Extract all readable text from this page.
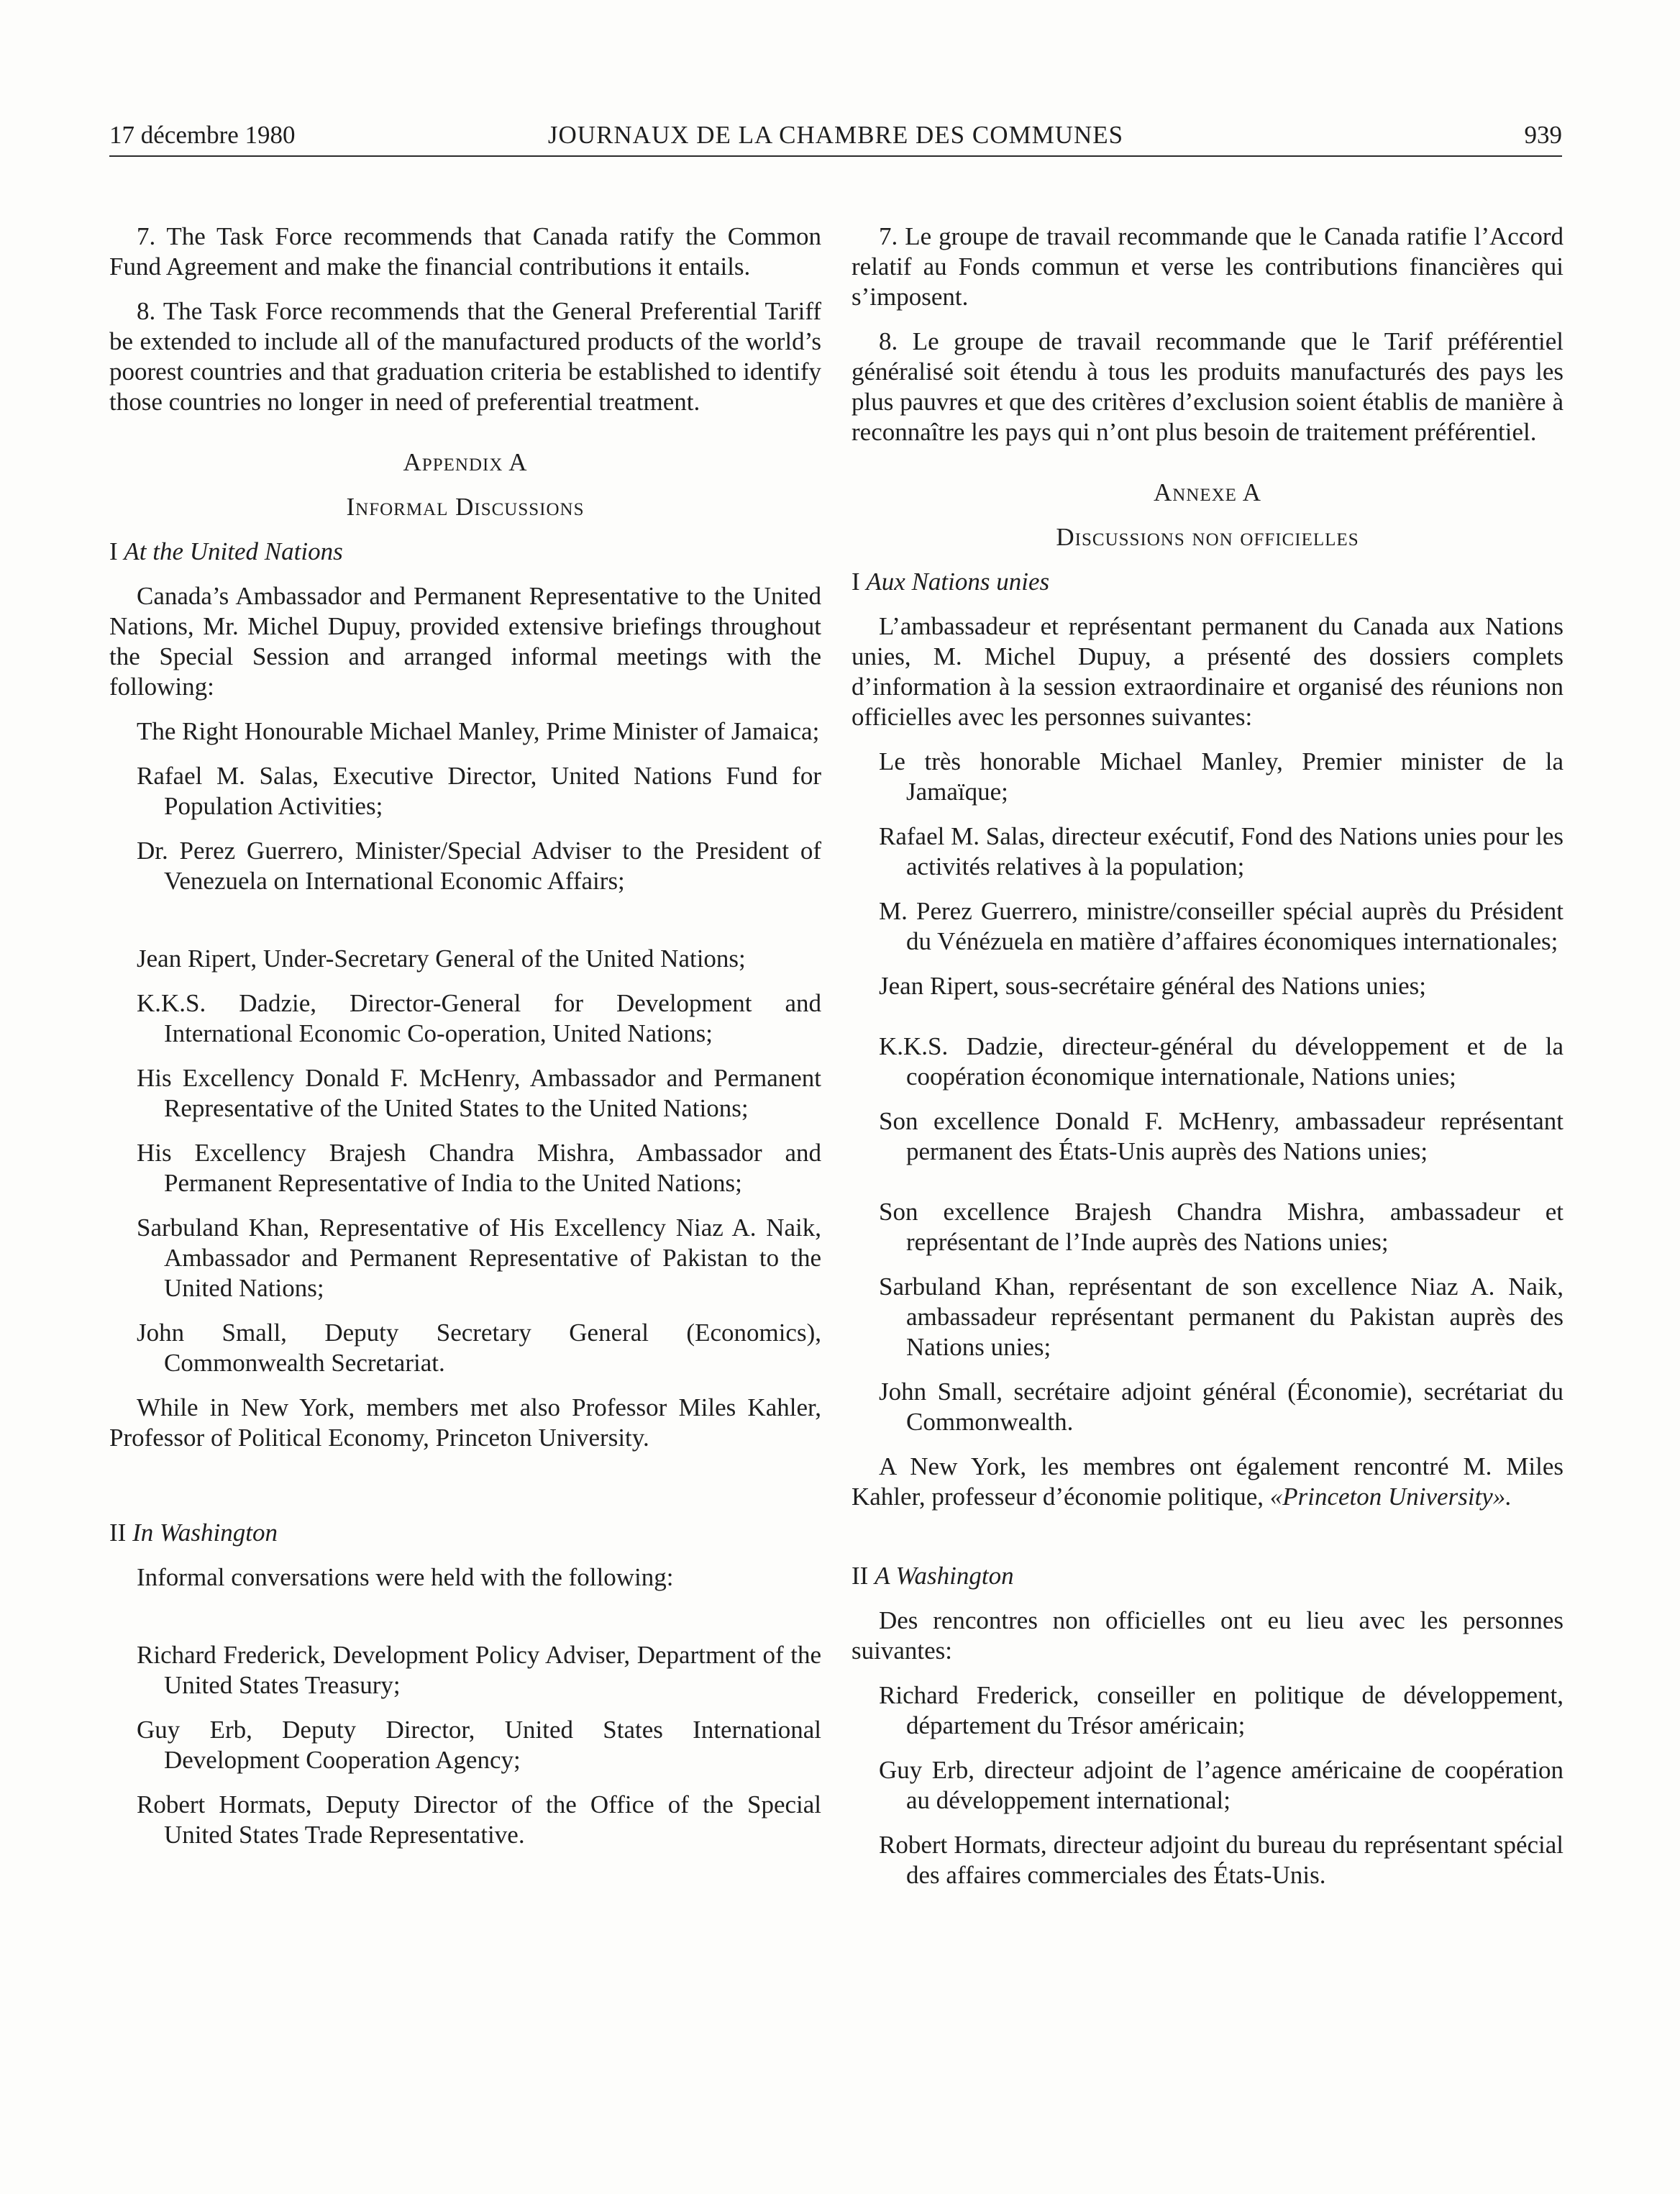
17 décembre 1980	JOURNAUX DE LA CHAMBRE DES COMMUNES	939

7. The Task Force recommends that Canada ratify the Common Fund Agreement and make the financial contributions it entails.

8. The Task Force recommends that the General Preferential Tariff be extended to include all of the manufactured products of the world’s poorest countries and that graduation criteria be established to identify those countries no longer in need of preferential treatment.

Appendix A

Informal Discussions

I At the United Nations

Canada’s Ambassador and Permanent Representative to the United Nations, Mr. Michel Dupuy, provided extensive briefings throughout the Special Session and arranged informal meetings with the following:

The Right Honourable Michael Manley, Prime Minister of Jamaica;

Rafael M. Salas, Executive Director, United Nations Fund for Population Activities;

Dr. Perez Guerrero, Minister/Special Adviser to the President of Venezuela on International Economic Affairs;

Jean Ripert, Under-Secretary General of the United Nations;

K.K.S. Dadzie, Director-General for Development and International Economic Co-operation, United Nations;

His Excellency Donald F. McHenry, Ambassador and Permanent Representative of the United States to the United Nations;

His Excellency Brajesh Chandra Mishra, Ambassador and Permanent Representative of India to the United Nations;

Sarbuland Khan, Representative of His Excellency Niaz A. Naik, Ambassador and Permanent Representative of Pakistan to the United Nations;

John Small, Deputy Secretary General (Economics), Commonwealth Secretariat.

While in New York, members met also Professor Miles Kahler, Professor of Political Economy, Princeton University.

II In Washington

Informal conversations were held with the following:

Richard Frederick, Development Policy Adviser, Department of the United States Treasury;

Guy Erb, Deputy Director, United States International Development Cooperation Agency;

Robert Hormats, Deputy Director of the Office of the Special United States Trade Representative.

7. Le groupe de travail recommande que le Canada ratifie l’Accord relatif au Fonds commun et verse les contributions financières qui s’imposent.

8. Le groupe de travail recommande que le Tarif préférentiel généralisé soit étendu à tous les produits manufacturés des pays les plus pauvres et que des critères d’exclusion soient établis de manière à reconnaître les pays qui n’ont plus besoin de traitement préférentiel.

Annexe A

Discussions non officielles

I Aux Nations unies

L’ambassadeur et représentant permanent du Canada aux Nations unies, M. Michel Dupuy, a présenté des dossiers complets d’information à la session extraordinaire et organisé des réunions non officielles avec les personnes suivantes:

Le très honorable Michael Manley, Premier minister de la Jamaïque;

Rafael M. Salas, directeur exécutif, Fond des Nations unies pour les activités relatives à la population;

M. Perez Guerrero, ministre/conseiller spécial auprès du Président du Vénézuela en matière d’affaires économiques internationales;

Jean Ripert, sous-secrétaire général des Nations unies;

K.K.S. Dadzie, directeur-général du développement et de la coopération économique internationale, Nations unies;

Son excellence Donald F. McHenry, ambassadeur représentant permanent des États-Unis auprès des Nations unies;

Son excellence Brajesh Chandra Mishra, ambassadeur et représentant de l’Inde auprès des Nations unies;

Sarbuland Khan, représentant de son excellence Niaz A. Naik, ambassadeur représentant permanent du Pakistan auprès des Nations unies;

John Small, secrétaire adjoint général (Économie), secrétariat du Commonwealth.

A New York, les membres ont également rencontré M. Miles Kahler, professeur d’économie politique, «Princeton University».

II A Washington

Des rencontres non officielles ont eu lieu avec les personnes suivantes:

Richard Frederick, conseiller en politique de développement, département du Trésor américain;

Guy Erb, directeur adjoint de l’agence américaine de coopération au développement international;

Robert Hormats, directeur adjoint du bureau du représentant spécial des affaires commerciales des États-Unis.
